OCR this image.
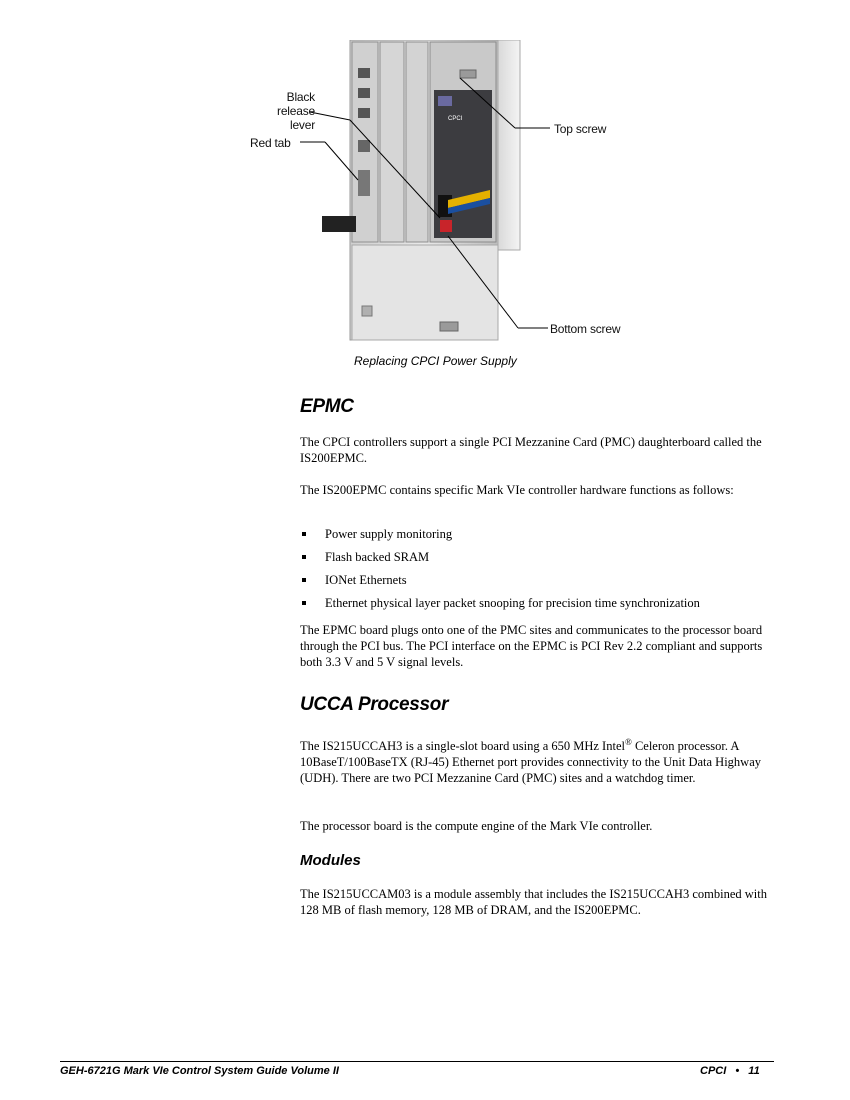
CPCI
Black release
lever
Red tab
Top screw
Bottom screw
Replacing CPCI Power Supply
EPMC

The CPCI controllers support a single PCI Mezzanine Card (PMC) daughterboard called the IS200EPMC.

The IS200EPMC contains specific Mark VIe controller hardware functions as follows:

Power supply monitoring
Flash backed SRAM
IONet Ethernets
Ethernet physical layer packet snooping for precision time synchronization

The EPMC board plugs onto one of the PMC sites and communicates to the processor board through the PCI bus. The PCI interface on the EPMC is PCI Rev 2.2 compliant and supports both 3.3 V and 5 V signal levels.

UCCA Processor

The IS215UCCAH3 is a single-slot board using a 650 MHz Intel® Celeron processor. A 10BaseT/100BaseTX (RJ-45) Ethernet port provides connectivity to the Unit Data Highway (UDH). There are two PCI Mezzanine Card (PMC) sites and a watchdog timer.

The processor board is the compute engine of the Mark VIe controller.

Modules

The IS215UCCAM03 is a module assembly that includes the IS215UCCAH3 combined with 128 MB of flash memory, 128 MB of DRAM, and the IS200EPMC.

GEH-6721G Mark VIe Control System Guide Volume II	CPCI • 11
